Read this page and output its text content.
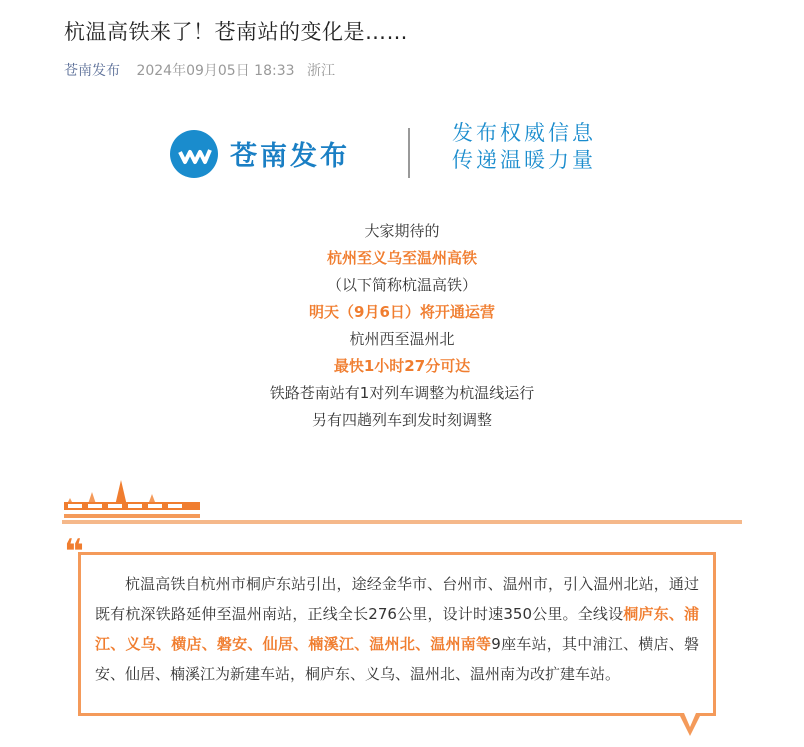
杭温高铁来了！苍南站的变化是……
苍南发布 2024年09月05日 18:33 浙江
苍南发布
发布权威信息
传递温暖力量
大家期待的
杭州至义乌至温州高铁
（以下简称杭温高铁）
明天（9月6日）将开通运营
杭州西至温州北
最快1小时27分可达
铁路苍南站有1对列车调整为杭温线运行
另有四趟列车到发时刻调整
❝

杭温高铁自杭州市桐庐东站引出，途经金华市、台州市、温州市，引入温州北站，通过既有杭深铁路延伸至温州南站，正线全长276公里，设计时速350公里。全线设桐庐东、浦江、义乌、横店、磐安、仙居、楠溪江、温州北、温州南等9座车站，其中浦江、横店、磐安、仙居、楠溪江为新建车站，桐庐东、义乌、温州北、温州南为改扩建车站。
